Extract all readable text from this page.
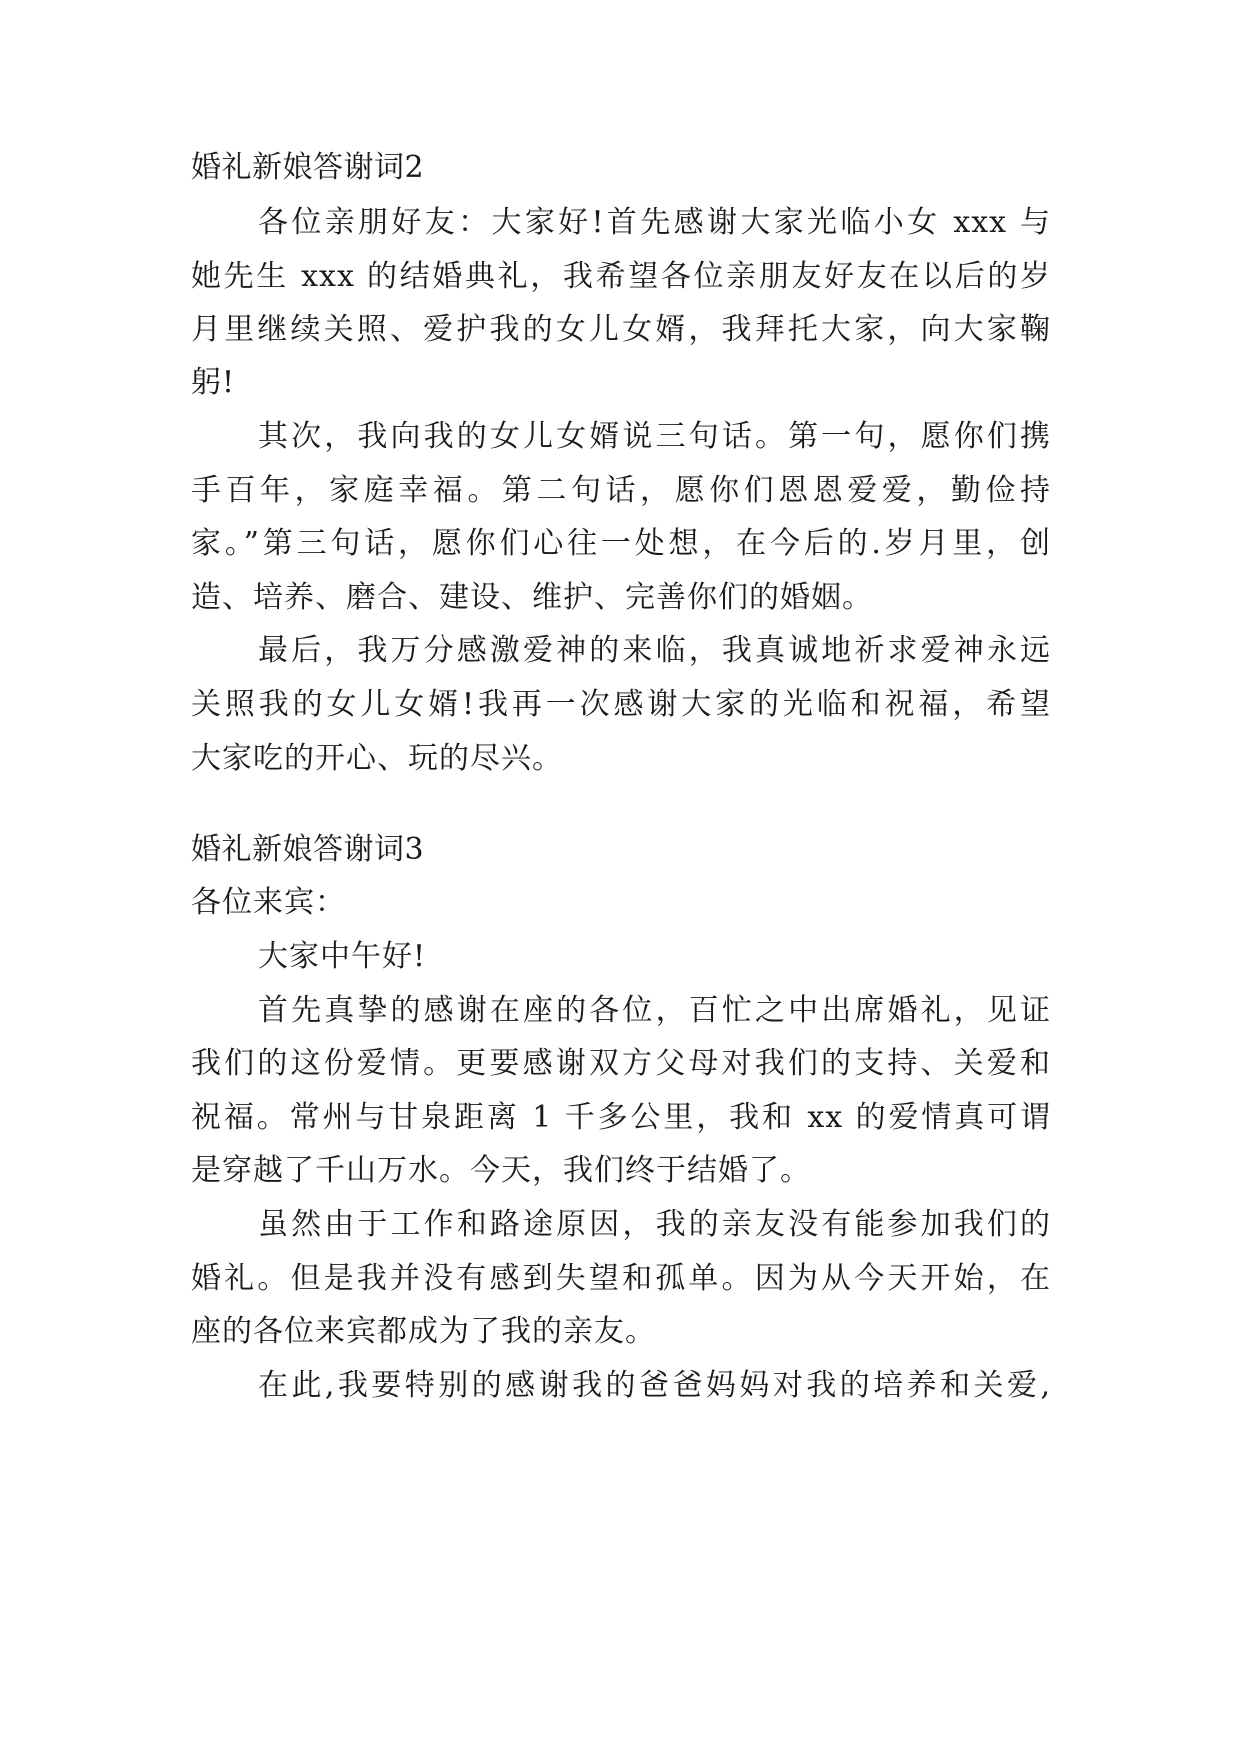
婚礼新娘答谢词2
各位亲朋好友：大家好!首先感谢大家光临小女 xxx 与
她先生 xxx 的结婚典礼，我希望各位亲朋友好友在以后的岁
月里继续关照、爱护我的女儿女婿，我拜托大家，向大家鞠
躬!
其次，我向我的女儿女婿说三句话。第一句，愿你们携
手百年，家庭幸福。第二句话，愿你们恩恩爱爱，勤俭持
家。”第三句话，愿你们心往一处想，在今后的.岁月里，创
造、培养、磨合、建设、维护、完善你们的婚姻。
最后，我万分感激爱神的来临，我真诚地祈求爱神永远
关照我的女儿女婿!我再一次感谢大家的光临和祝福，希望
大家吃的开心、玩的尽兴。
婚礼新娘答谢词3
各位来宾：
大家中午好!
首先真挚的感谢在座的各位，百忙之中出席婚礼，见证
我们的这份爱情。更要感谢双方父母对我们的支持、关爱和
祝福。常州与甘泉距离 1 千多公里，我和 xx 的爱情真可谓
是穿越了千山万水。今天，我们终于结婚了。
虽然由于工作和路途原因，我的亲友没有能参加我们的
婚礼。但是我并没有感到失望和孤单。因为从今天开始，在
座的各位来宾都成为了我的亲友。
在此,我要特别的感谢我的爸爸妈妈对我的培养和关爱,
